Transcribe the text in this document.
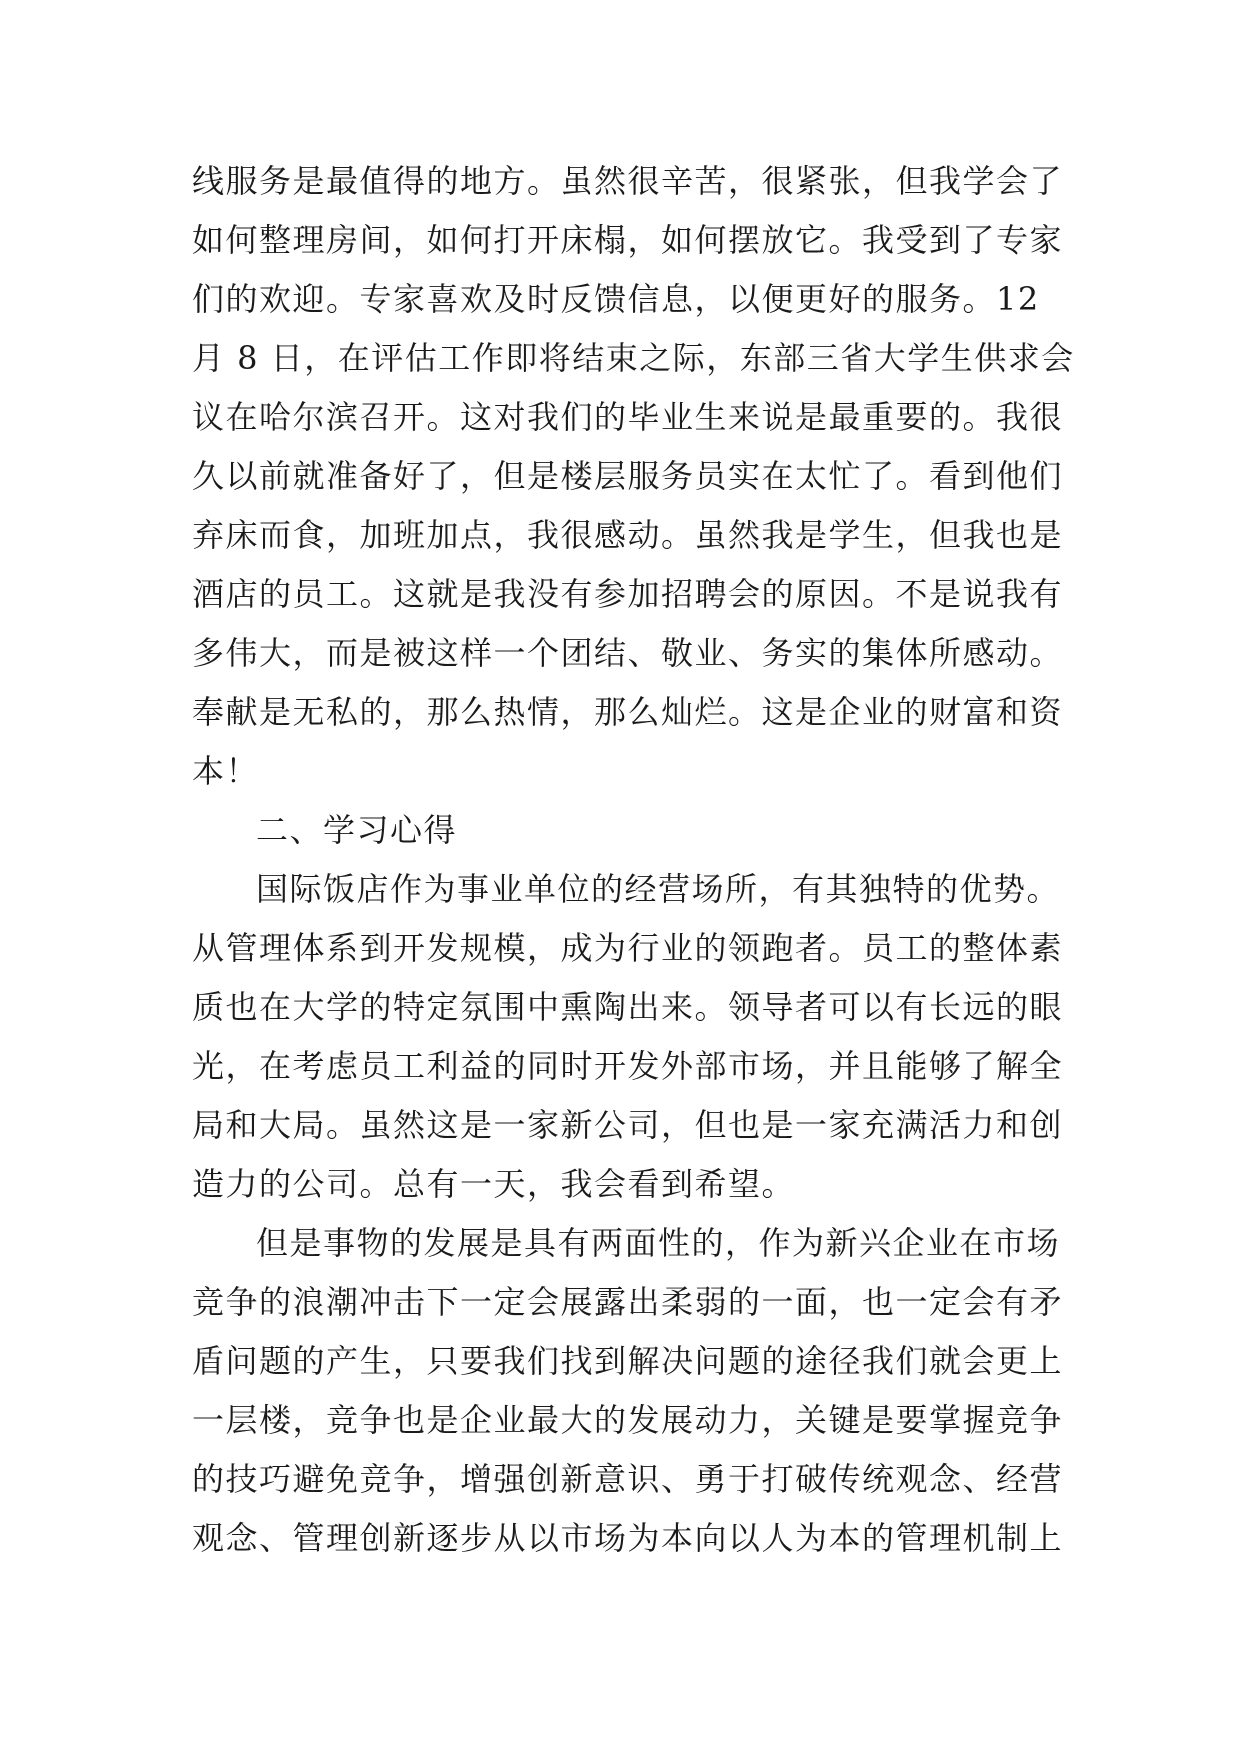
线服务是最值得的地方。虽然很辛苦，很紧张，但我学会了
如何整理房间，如何打开床榻，如何摆放它。我受到了专家
们的欢迎。专家喜欢及时反馈信息，以便更好的服务。12
月 8 日，在评估工作即将结束之际，东部三省大学生供求会
议在哈尔滨召开。这对我们的毕业生来说是最重要的。我很
久以前就准备好了，但是楼层服务员实在太忙了。看到他们
弃床而食，加班加点，我很感动。虽然我是学生，但我也是
酒店的员工。这就是我没有参加招聘会的原因。不是说我有
多伟大，而是被这样一个团结、敬业、务实的集体所感动。
奉献是无私的，那么热情，那么灿烂。这是企业的财富和资
本！
二、学习心得
国际饭店作为事业单位的经营场所，有其独特的优势。
从管理体系到开发规模，成为行业的领跑者。员工的整体素
质也在大学的特定氛围中熏陶出来。领导者可以有长远的眼
光，在考虑员工利益的同时开发外部市场，并且能够了解全
局和大局。虽然这是一家新公司，但也是一家充满活力和创
造力的公司。总有一天，我会看到希望。
但是事物的发展是具有两面性的，作为新兴企业在市场
竞争的浪潮冲击下一定会展露出柔弱的一面，也一定会有矛
盾问题的产生，只要我们找到解决问题的途径我们就会更上
一层楼，竞争也是企业最大的发展动力，关键是要掌握竞争
的技巧避免竞争，增强创新意识、勇于打破传统观念、经营
观念、管理创新逐步从以市场为本向以人为本的管理机制上
